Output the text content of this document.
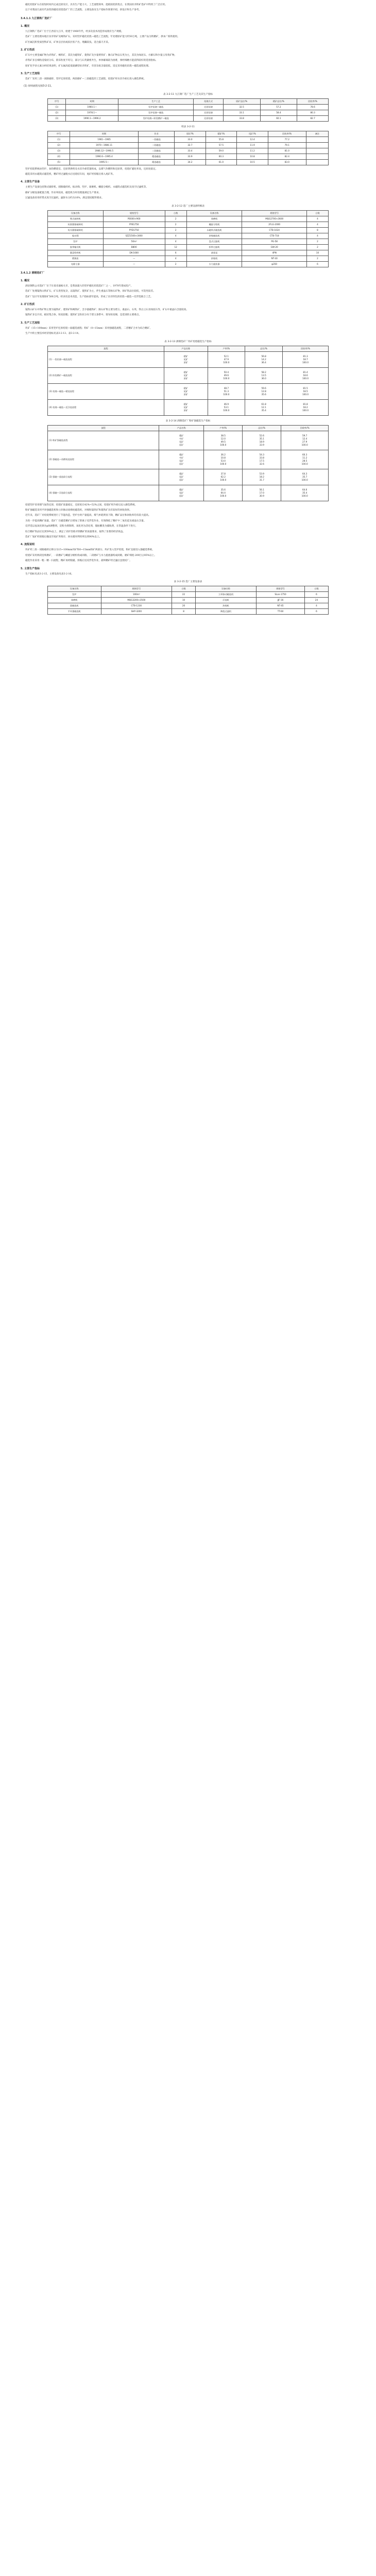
磁化焙烧矿石在较短时间内完成还原反应，具有生产能力大、工艺流程简单、能耗较低的优点，在我国贫赤铁矿选矿中得到了广泛应用。

以下对我国几座有代表性的磁化焙烧选矿厂的工艺流程、主要设备及生产指标作简要介绍，供设计和生产参考。

3.4.1.1 九江钢铁厂选矿厂
1. 概况

九江钢铁厂选矿厂位于江西省九江市，始建于1960年代，经多次技术改造形成现有生产规模。

选矿厂主要处理本地区贫赤铁矿及褐铁矿石，采用竖炉磁化焙烧—磁选工艺流程，年处理原矿能力约50万吨，主要产品为铁精矿，供本厂炼铁使用。

矿区属沉积变质型铁矿床，矿体呈层状或似层状产出，埋藏较浅，适合露天开采。

2. 矿石性质

矿石中主要金属矿物为赤铁矿、褐铁矿，其次为磁铁矿、菱铁矿及少量黄铁矿；脉石矿物以石英为主，其次为绿泥石、方解石和少量云母类矿物。

赤铁矿多呈细粒浸染状分布，嵌布粒度不均匀，部分与石英紧密共生，单体解离较为困难，须经细磨方能获得较好的选别指标。

原矿化学多元素分析结果表明，矿石属高硅低硫磷型贫赤铁矿，有害杂质含量较低，适宜采用磁化焙烧—磁选流程处理。

3. 生产工艺流程

选矿厂采用三段一闭路破碎、竖炉还原焙烧、两段磨矿—三段磁选的工艺流程，焙烧矿经水淬冷却后进入磨选系统。

(1) 原则流程见图3-2-11。
表 3-2-11 九江钢厂选厂生产工艺及其生产指标
序号	时期	生产工艺	焙烧方式	原矿品位/%	精矿品位/%	回收率/%
(1)	1960.1—	竖炉焙烧—磁选	还原焙烧	32.5	57.2	78.6
(2)	1978.1—	竖炉焙烧—磁选	还原焙烧	33.1	58.4	80.3
(3)	1990.1—1996.2	竖炉焙烧—阶段磨矿—磁选	还原焙烧	33.8	60.1	82.7
续表 3-2-11
序号	时期	作业	原矿/%	精矿/%	尾矿/%	回收率/%	备注
(1)	1961—1965	一段磁选	33.0	55.8	12.4	77.2	
(2)	1970—1986.11	二段磁选	32.7	57.5	11.9	79.1	
(3)	1986.12—1990.5	三段磁选	33.4	59.0	11.2	81.0	
(4)	1990.6—1995.4	精选磁选	33.9	60.3	10.8	82.4	
(5)	1995.5—	精选磁选	34.2	61.0	10.5	83.0	

竖炉焙烧系统由竖炉、加热燃烧室、还原剂供给及水淬冷却装置组成，以煤气作燃料和还原剂，焙烧矿磁化率高，还原度稳定。

磁选采用永磁筒式磁选机，精矿经过滤脱水后送烧结车间，尾矿经浓缩后排入尾矿库。

4. 主要生产设备

主要生产设备包括颚式破碎机、圆锥破碎机、振动筛、竖炉、球磨机、螺旋分级机、永磁筒式磁选机及真空过滤机等。

磨矿分级设备配置合理，作业率较高，磁选机台时处理量满足生产要求。

过滤设备采用折带式真空过滤机，滤饼水分约为10%，满足烧结配料要求。

表 3-2-12 选厂主要设备明细表
设备名称	规格型号	台数	设备名称	规格型号	台数
颚式破碎机	PE600×900	2	球磨机	MQG2700×3600	4
标准圆锥破碎机	PYB1750	2	螺旋分级机	2FLG-2000	4
短头圆锥破碎机	PYD1750	2	永磁筒式磁选机	CTB-1024	8
振动筛	SZZ1500×3000	4	浓缩磁选机	CTB-718	4
竖炉	50m³	4	盘式过滤机	PG-58	2
胶带输送机	B800	12	折带过滤机	GW-20	2
圆盘给料机	DK-1600	6	渣浆泵	4PN	10
燃烧室	—	4	浓缩机	NT-30	2
电除尘器	—	2	水力旋流器	φ350	6
3.4.1.2 酒钢选矿厂
1. 概况

酒泉钢铁公司选矿厂位于甘肃省嘉峪关市，是我国最大的竖炉磁化焙烧选矿厂之一，1970年建成投产。

选矿厂处理镜铁山铁矿石，矿石类型复杂，以镜铁矿、菱铁矿为主，伴生重晶石等脉石矿物，原矿铁品位较低，可选性较差。

选矿厂设计年处理原矿500万吨，经多次技术改造，生产指标逐年提高，形成了具有特色的焙烧—磁选—反浮选联合工艺。

2. 矿石性质

镜铁山矿石中铁矿物主要为镜铁矿、菱铁矿和褐铁矿，含少量磁铁矿；脉石矿物主要为碧玉、重晶石、石英、铁白云石及绿泥石等，矿石中重晶石含量较高。

镜铁矿多呈片状、板状集合体，粒度较粗；菱铁矿呈粒状分布于碧玉条带中，嵌布粒度细，是选别的主要难点。

3. 生产工艺流程

块矿（15~100mm）采用竖炉还原焙烧—弱磁选流程；粉矿（0~15mm）采用强磁选流程，二者精矿合并为综合精矿。

生产中的主要技术经济指标见表3-2-13、表3-2-14。

表 3-2-13 酒钢选矿厂块矿焙烧磁选生产指标
流程	产品名称	产率/%	品位/%	回收率/%
(1) 一段焙烧—磁选流程	精矿
尾矿
原矿	52.1
47.9
100.0	56.8
14.2
36.4	81.3
18.7
100.0
(2) 阶段磨矿—磁选流程	精矿
尾矿
原矿	50.4
49.6
100.0	58.2
13.5
36.0	81.4
18.6
100.0
(3) 焙烧—磁选—精选流程	精矿
尾矿
原矿	48.7
51.3
100.0	59.6
12.8
35.6	81.5
18.5
100.0
(4) 焙烧—磁选—反浮选流程	精矿
尾矿
原矿	46.9
53.1
100.0	61.8
12.1
35.4	81.8
18.2
100.0
表 3-2-14 酒钢选矿厂粉矿强磁选生产指标
流程	产品名称	产率/%	品位/%	回收率/%
(1) 粉矿强磁选流程	精矿
中矿
尾矿
原矿	38.5
12.0
49.5
100.0	52.6
35.1
18.9
33.9	59.7
12.4
27.9
100.0
(2) 强磁选—再磨再选流程	精矿
中矿
尾矿
原矿	36.2
10.8
53.0
100.0	54.3
33.8
17.5
32.6	60.3
11.2
28.5
100.0
(3) 强磁—重选联合流程	精矿
尾矿
原矿	37.8
62.2
100.0	53.9
18.2
31.7	64.3
35.7
100.0
(4) 强磁—浮选联合流程	精矿
尾矿
原矿	35.6
64.4
100.0	56.1
17.0
30.9	64.6
35.4
100.0

焙烧竖炉采用煤气加热还原，焙烧矿质量稳定，还原度在42%~52%之间，焙烧矿经冷却后送入磨选系统。

粉矿强磁选采用平环强磁选机和立环脉动高梯度磁选机，对细粒镜铁矿和菱铁矿具有较好的回收效果。

近年来，选矿厂对焙烧系统进行了节能改造，竖炉台时产量提高，煤气单耗明显下降，精矿品位和回收率均有较大提高。

为进一步提高精矿质量，选矿厂在磁选精矿后增加了阴离子反浮选作业，有效降低了精矿中二氧化硅及重晶石含量。

反浮选以氢氧化钠为pH调整剂，淀粉为抑制剂，氧化钙为活化剂，脂肪酸类为捕收剂，在常温条件下进行。

综合精矿铁品位达到59%以上，满足了高炉冶炼对铁精矿的质量要求，取得了显著的经济效益。

选矿厂尾矿经浓缩后输送至尾矿库堆存，回水循环利用率达到90%以上。

4. 流程说明

块矿经三段一闭路破碎后筛分为15~100mm块矿和0~15mm粉矿两部分，块矿进入竖炉焙烧，粉矿直接进入强磁选系统。

焙烧矿采用两段连续磨矿，一段磨矿与螺旋分级机构成闭路，二段磨矿与水力旋流器构成闭路，磨矿细度-200目占85%以上。

磁选作业采用一粗一精一扫流程，精矿再经脱磁、浓缩后送反浮选作业，最终精矿经过滤后送烧结厂。

5. 主要生产指标

生产指标见表3-2-15，主要设备见表3-2-16。

表 3-2-15 选厂主要设备表
设备名称	规格型号	台数	设备名称	规格型号	台数
竖炉	100m³	22	立环脉动磁选机	SLon-1750	6
球磨机	MQG3200×3500	10	浮选机	JJF-16	24
弱磁选机	CTB-1230	20	浓缩机	NT-45	4
平环强磁选机	SHP-3200	8	陶瓷过滤机	TT-60	6
